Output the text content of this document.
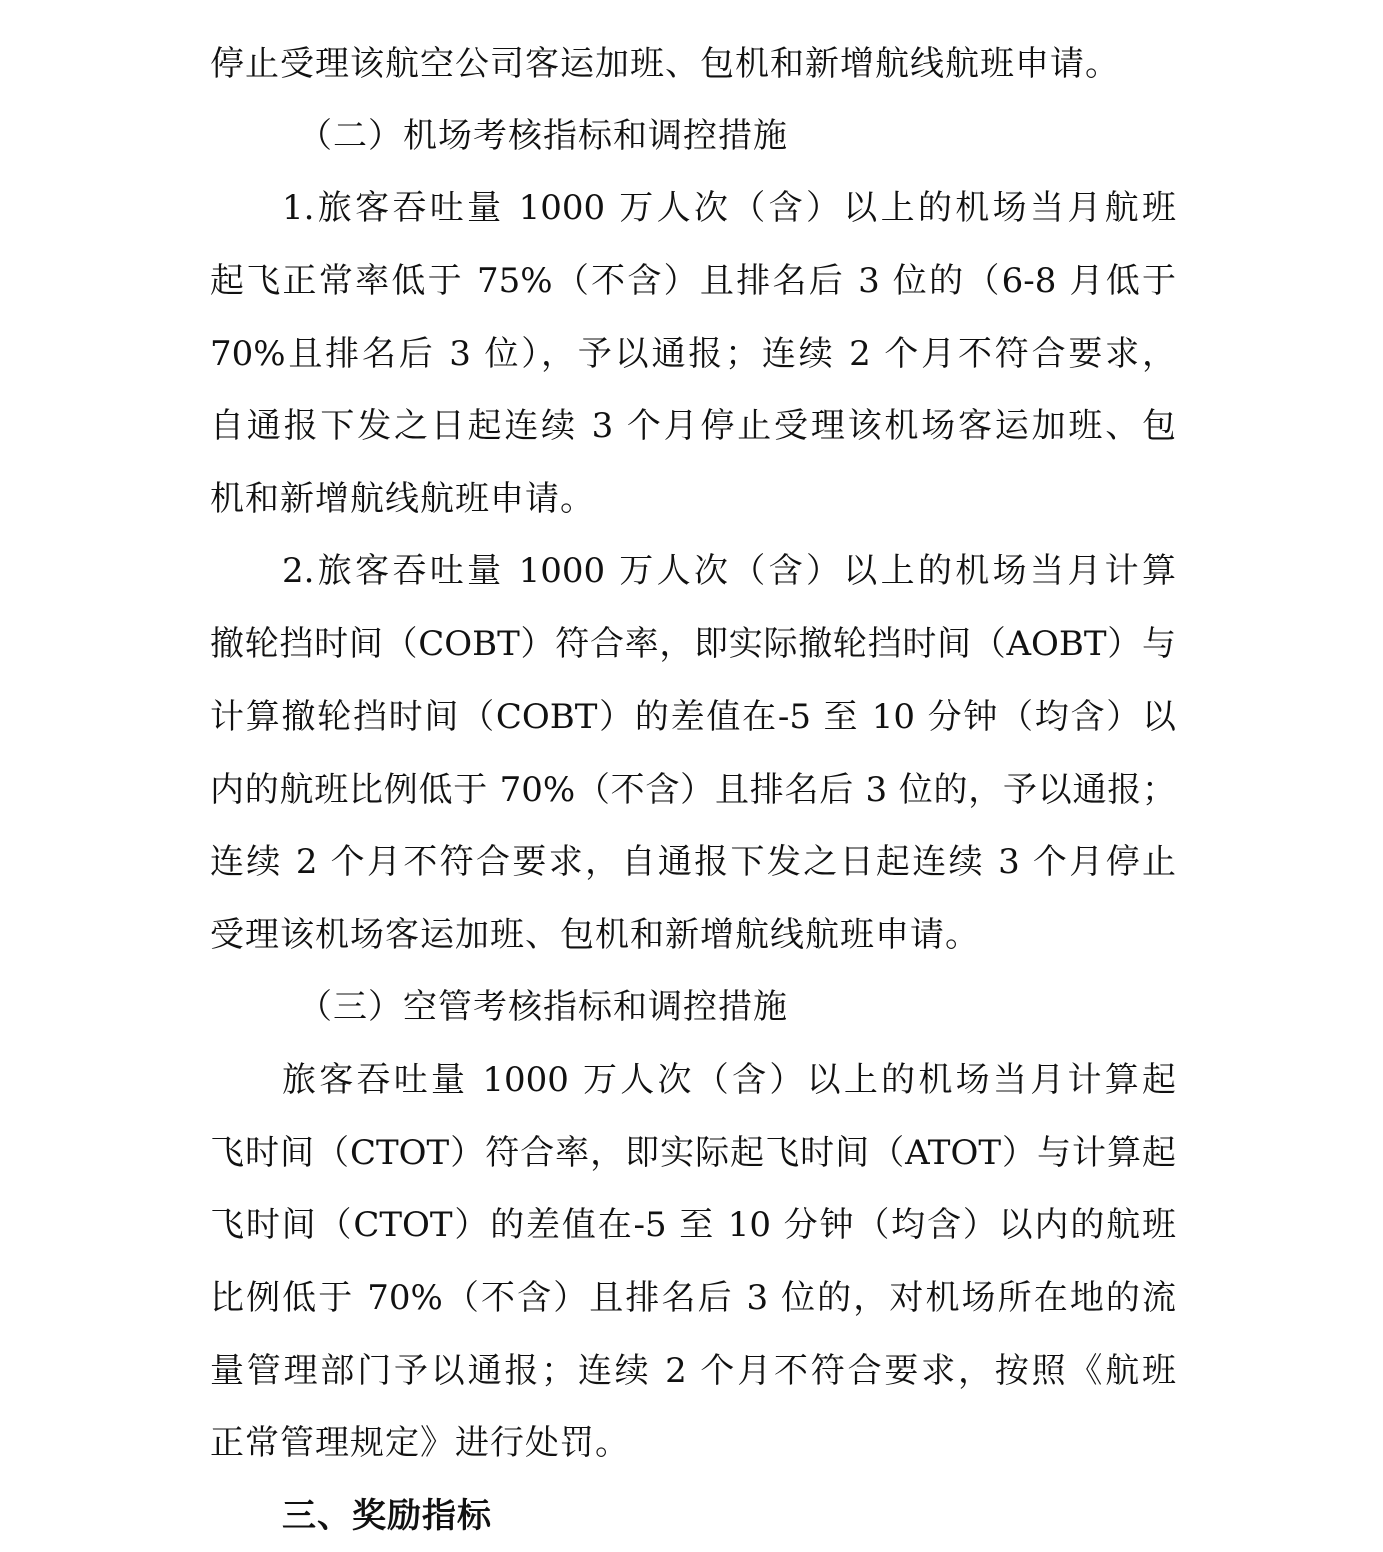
停止受理该航空公司客运加班、包机和新增航线航班申请。
（二）机场考核指标和调控措施
1.旅客吞吐量 1000 万人次（含）以上的机场当月航班
起飞正常率低于 75%（不含）且排名后 3 位的（6-8 月低于
70%且排名后 3 位），予以通报；连续 2 个月不符合要求，
自通报下发之日起连续 3 个月停止受理该机场客运加班、包
机和新增航线航班申请。
2.旅客吞吐量 1000 万人次（含）以上的机场当月计算
撤轮挡时间（COBT）符合率，即实际撤轮挡时间（AOBT）与
计算撤轮挡时间（COBT）的差值在-5 至 10 分钟（均含）以
内的航班比例低于 70%（不含）且排名后 3 位的，予以通报；
连续 2 个月不符合要求，自通报下发之日起连续 3 个月停止
受理该机场客运加班、包机和新增航线航班申请。
（三）空管考核指标和调控措施
旅客吞吐量 1000 万人次（含）以上的机场当月计算起
飞时间（CTOT）符合率，即实际起飞时间（ATOT）与计算起
飞时间（CTOT）的差值在-5 至 10 分钟（均含）以内的航班
比例低于 70%（不含）且排名后 3 位的，对机场所在地的流
量管理部门予以通报；连续 2 个月不符合要求，按照《航班
正常管理规定》进行处罚。
三、奖励指标
